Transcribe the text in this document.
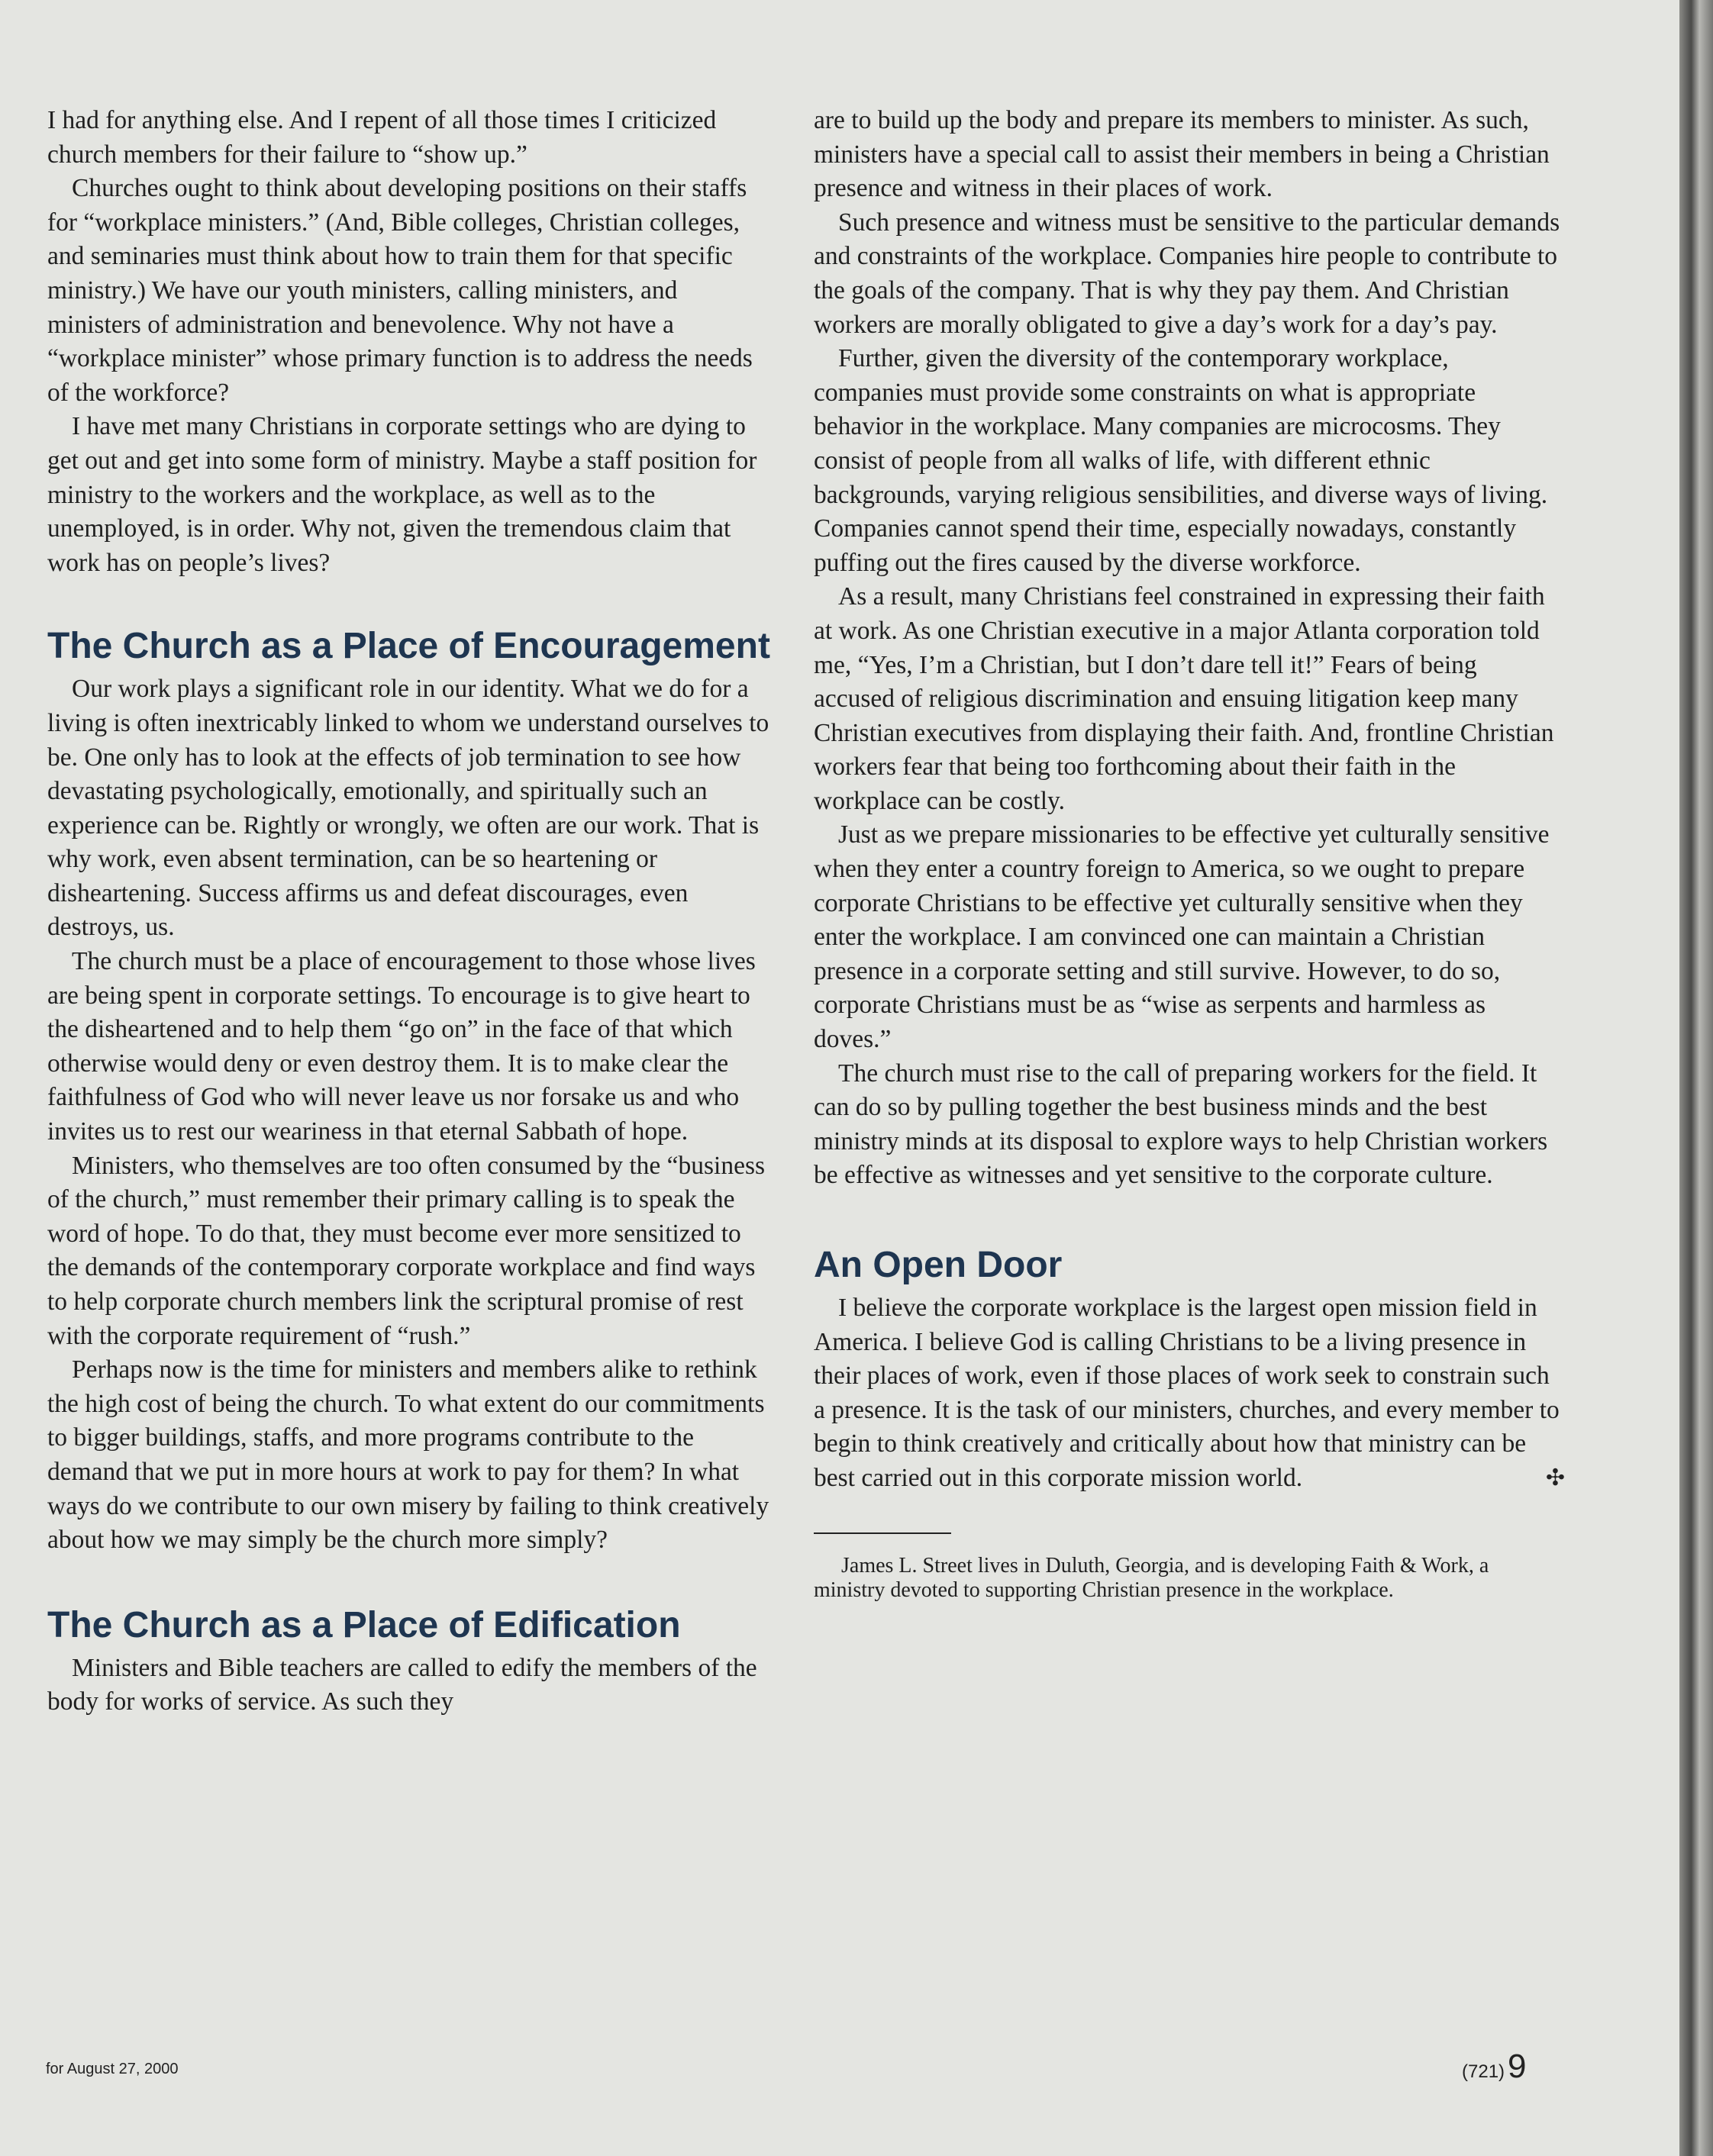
I had for anything else. And I repent of all those times I criticized church members for their failure to “show up.”

Churches ought to think about developing positions on their staffs for “workplace ministers.” (And, Bible colleges, Christian colleges, and seminaries must think about how to train them for that specific ministry.) We have our youth ministers, calling ministers, and ministers of administration and benevolence. Why not have a “workplace minister” whose primary function is to address the needs of the workforce?

I have met many Christians in corporate settings who are dying to get out and get into some form of ministry. Maybe a staff position for ministry to the workers and the workplace, as well as to the unemployed, is in order. Why not, given the tremendous claim that work has on people’s lives?

The Church as a Place of Encouragement

Our work plays a significant role in our identity. What we do for a living is often inextricably linked to whom we understand ourselves to be. One only has to look at the effects of job termination to see how devastating psychologically, emotionally, and spiritually such an experience can be. Rightly or wrongly, we often are our work. That is why work, even absent termination, can be so heartening or disheartening. Success affirms us and defeat discourages, even destroys, us.

The church must be a place of encouragement to those whose lives are being spent in corporate settings. To encourage is to give heart to the disheartened and to help them “go on” in the face of that which otherwise would deny or even destroy them. It is to make clear the faithfulness of God who will never leave us nor forsake us and who invites us to rest our weariness in that eternal Sabbath of hope.

Ministers, who themselves are too often consumed by the “business of the church,” must remember their primary calling is to speak the word of hope. To do that, they must become ever more sensitized to the demands of the contemporary corporate workplace and find ways to help corporate church members link the scriptural promise of rest with the corporate requirement of “rush.”

Perhaps now is the time for ministers and members alike to rethink the high cost of being the church. To what extent do our commitments to bigger buildings, staffs, and more programs contribute to the demand that we put in more hours at work to pay for them? In what ways do we contribute to our own misery by failing to think creatively about how we may simply be the church more simply?

The Church as a Place of Edification

Ministers and Bible teachers are called to edify the members of the body for works of service. As such they

are to build up the body and prepare its members to minister. As such, ministers have a special call to assist their members in being a Christian presence and witness in their places of work.

Such presence and witness must be sensitive to the particular demands and constraints of the workplace. Companies hire people to contribute to the goals of the company. That is why they pay them. And Christian workers are morally obligated to give a day’s work for a day’s pay.

Further, given the diversity of the contemporary workplace, companies must provide some constraints on what is appropriate behavior in the workplace. Many companies are microcosms. They consist of people from all walks of life, with different ethnic backgrounds, varying religious sensibilities, and diverse ways of living. Companies cannot spend their time, especially nowadays, constantly puffing out the fires caused by the diverse workforce.

As a result, many Christians feel constrained in expressing their faith at work. As one Christian executive in a major Atlanta corporation told me, “Yes, I’m a Christian, but I don’t dare tell it!” Fears of being accused of religious discrimination and ensuing litigation keep many Christian executives from displaying their faith. And, frontline Christian workers fear that being too forthcoming about their faith in the workplace can be costly.

Just as we prepare missionaries to be effective yet culturally sensitive when they enter a country foreign to America, so we ought to prepare corporate Christians to be effective yet culturally sensitive when they enter the workplace. I am convinced one can maintain a Christian presence in a corporate setting and still survive. However, to do so, corporate Christians must be as “wise as serpents and harmless as doves.”

The church must rise to the call of preparing workers for the field. It can do so by pulling together the best business minds and the best ministry minds at its disposal to explore ways to help Christian workers be effective as witnesses and yet sensitive to the corporate culture.

An Open Door

I believe the corporate workplace is the largest open mission field in America. I believe God is calling Christians to be a living presence in their places of work, even if those places of work seek to constrain such a presence. It is the task of our ministers, churches, and every member to begin to think creatively and critically about how that ministry can be best carried out in this corporate mission world.	✣

James L. Street lives in Duluth, Georgia, and is developing Faith & Work, a ministry devoted to supporting Christian presence in the workplace.

for August 27, 2000	(721)9
